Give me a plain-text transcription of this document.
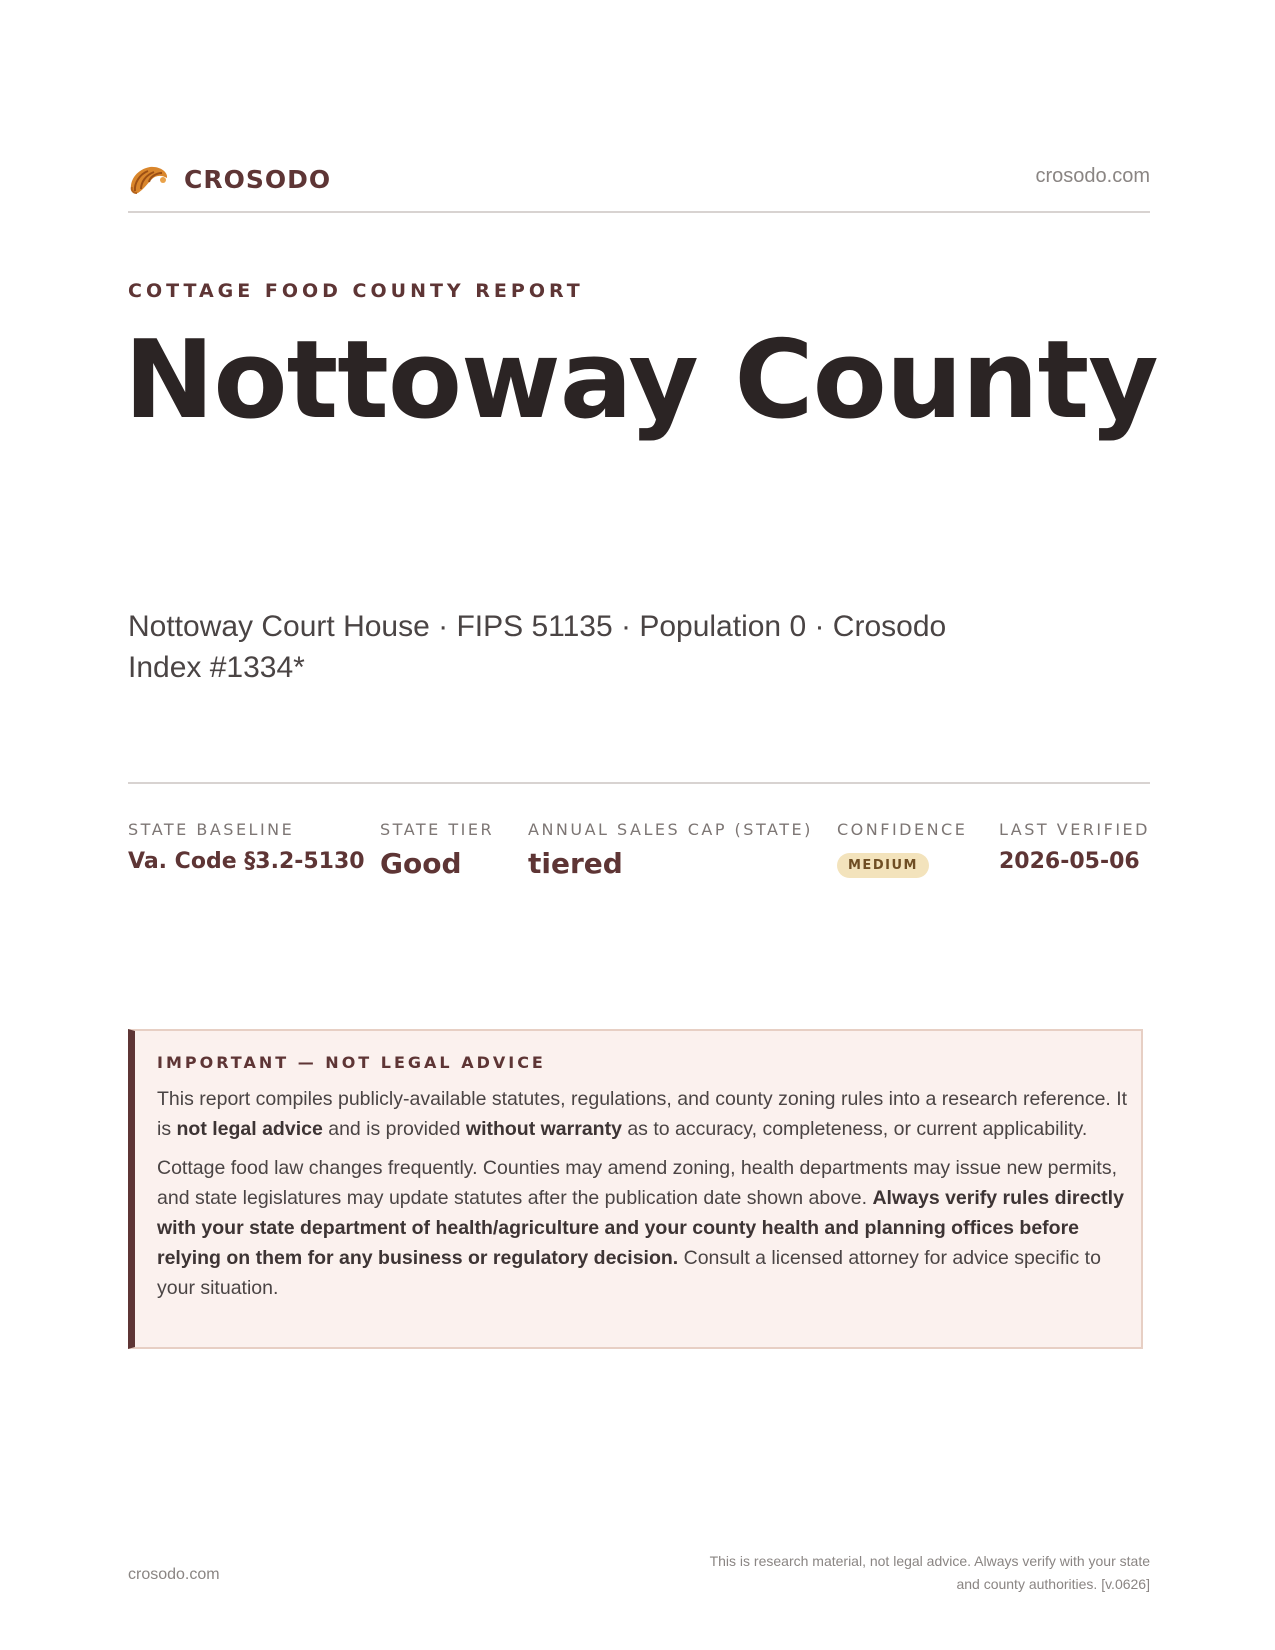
CROSODO	crosodo.com
COTTAGE FOOD COUNTY REPORT
Nottoway County
Nottoway Court House · FIPS 51135 · Population 0 · Crosodo Index #1334*
STATE BASELINE
Va. Code §3.2-5130
STATE TIER
Good
ANNUAL SALES CAP (STATE)
tiered
CONFIDENCE
MEDIUM
LAST VERIFIED
2026-05-06
IMPORTANT — NOT LEGAL ADVICE

This report compiles publicly-available statutes, regulations, and county zoning rules into a research reference. It is not legal advice and is provided without warranty as to accuracy, completeness, or current applicability.

Cottage food law changes frequently. Counties may amend zoning, health departments may issue new permits, and state legislatures may update statutes after the publication date shown above. Always verify rules directly with your state department of health/agriculture and your county health and planning offices before relying on them for any business or regulatory decision. Consult a licensed attorney for advice specific to your situation.

crosodo.com
This is research material, not legal advice. Always verify with your state
and county authorities. [v.0626]
